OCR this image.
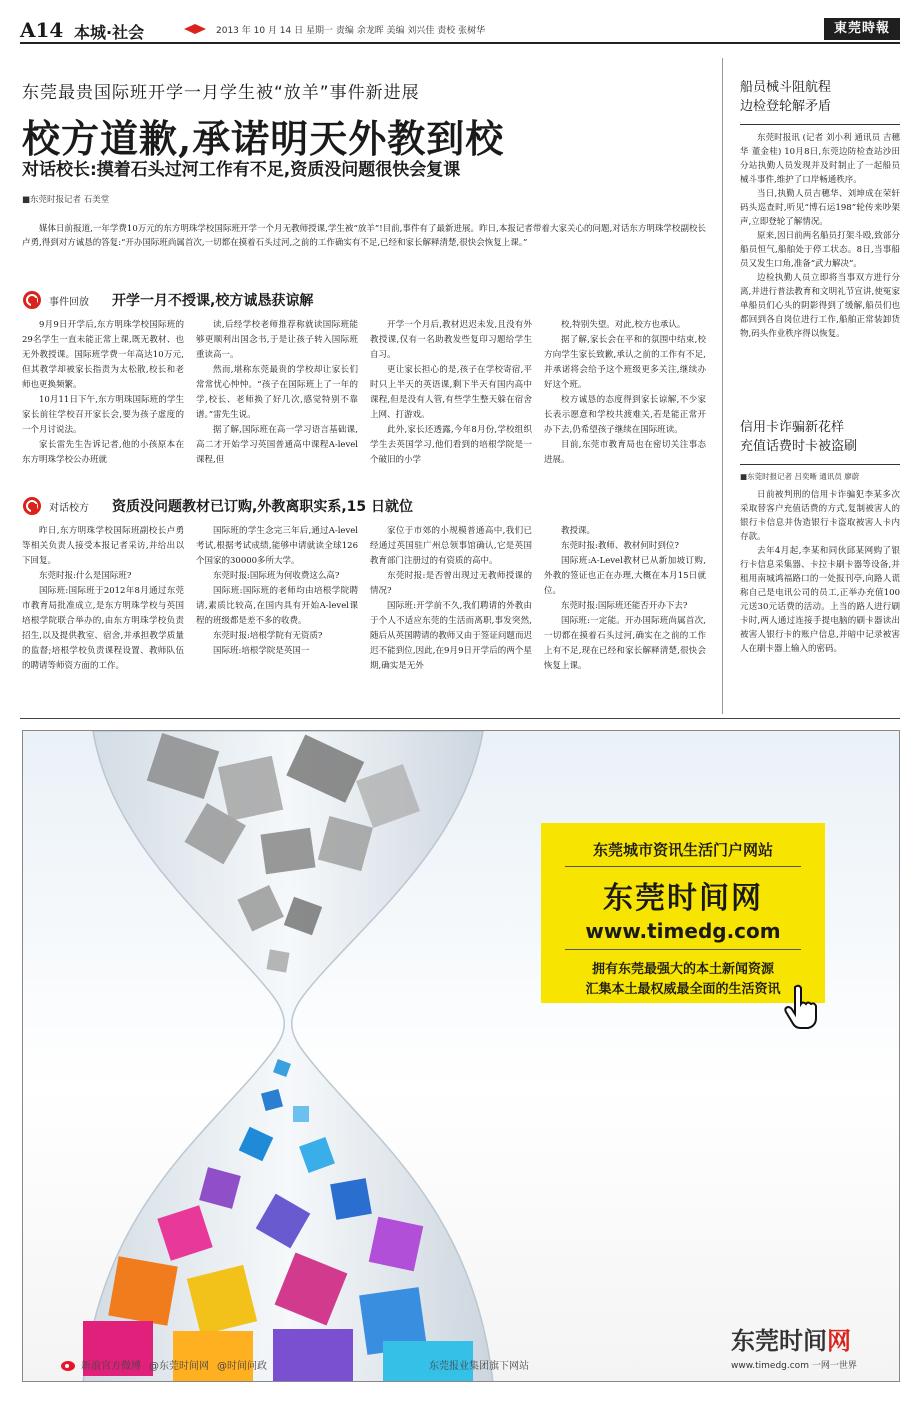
A14 本城·社会	2013 年 10 月 14 日 星期一 责编 余龙晖 美编 刘兴佳 责校 张树华	東莞時報
东莞最贵国际班开学一月学生被“放羊”事件新进展
校方道歉,承诺明天外教到校
对话校长:摸着石头过河工作有不足,资质没问题很快会复课
■东莞时报记者 石美堂

媒体日前报道,一年学费10万元的东方明珠学校国际班开学一个月无教师授课,学生被“放羊”!目前,事件有了最新进展。昨日,本报记者带着大家关心的问题,对话东方明珠学校副校长卢勇,得到对方诚恳的答复:“开办国际班尚属首次,一切都在摸着石头过河,之前的工作确实有不足,已经和家长解释清楚,很快会恢复上课。”

事件回放 开学一月不授课,校方诚恳获谅解

9月9日开学后,东方明珠学校国际班的29名学生一直未能正常上课,既无教材、也无外教授课。国际班学费一年高达10万元,但其教学却被家长指责为太松散,校长和老师也更换频繁。

10月11日下午,东方明珠国际班的学生家长前往学校召开家长会,要为孩子虚度的一个月讨说法。

家长雷先生告诉记者,他的小孩原本在东方明珠学校公办班就

读,后经学校老师推荐称就读国际班能够更顺利出国念书,于是让孩子转入国际班重读高一。

然而,堪称东莞最贵的学校却让家长们常常忧心忡忡。“孩子在国际班上了一年的学,校长、老师换了好几次,感觉特别不靠谱。”雷先生说。

据了解,国际班在高一学习语言基础课,高二才开始学习英国普通高中课程A-level课程,但

开学一个月后,教材迟迟未发,且没有外教授课,仅有一名助教发些复印习题给学生自习。

更让家长担心的是,孩子在学校寄宿,平时只上半天的英语课,剩下半天有国内高中课程,但是没有人管,有些学生整天躲在宿舍上网、打游戏。

此外,家长还透露,今年8月份,学校组织学生去英国学习,他们看到的培根学院是一个破旧的小学

校,特别失望。对此,校方也承认。

据了解,家长会在平和的氛围中结束,校方向学生家长致歉,承认之前的工作有不足,并承诺将会给予这个班级更多关注,继续办好这个班。

校方诚恳的态度得到家长谅解,不少家长表示愿意和学校共渡难关,若是能正常开办下去,仍希望孩子继续在国际班读。

目前,东莞市教育局也在密切关注事态进展。

对话校方 资质没问题教材已订购,外教离职实系,15 日就位

昨日,东方明珠学校国际班副校长卢勇等相关负责人接受本报记者采访,并给出以下回复。

东莞时报:什么是国际班?

国际班:国际班于2012年8月通过东莞市教育局批准成立,是东方明珠学校与英国培根学院联合举办的,由东方明珠学校负责招生,以及提供教室、宿舍,并承担教学质量的监督;培根学校负责课程设置、教师队伍的聘请等师资方面的工作。

国际班的学生念完三年后,通过A-level考试,根据考试成绩,能够申请就读全球126个国家的30000多所大学。

东莞时报:国际班为何收费这么高?

国际班:国际班的老师均由培根学院聘请,素质比较高,在国内具有开始A-level课程的班级都是差不多的收费。

东莞时报:培根学院有无资质?

国际班:培根学院是英国一

家位于市郊的小规模普通高中,我们已经通过英国驻广州总领事馆确认,它是英国教育部门注册过的有资质的高中。

东莞时报:是否曾出现过无教师授课的情况?

国际班:开学前不久,我们聘请的外教由于个人不适应东莞的生活而离职,事发突然,随后从英国聘请的教师又由于签证问题而迟迟不能到位,因此,在9月9日开学后的两个星期,确实是无外

教授课。

东莞时报:教师、教材何时到位?

国际班:A-Level教材已从新加坡订购,外教的签证也正在办理,大概在本月15日就位。

东莞时报:国际班还能否开办下去?

国际班:一定能。开办国际班尚属首次,一切都在摸着石头过河,确实在之前的工作上有不足,现在已经和家长解释清楚,很快会恢复上课。

船员械斗阻航程
边检登轮解矛盾

东莞时报讯 (记者 刘小利 通讯员 吉穗华 董金桂) 10月8日,东莞边防检查站沙田分站执勤人员发现并及时制止了一起船员械斗事件,维护了口岸畅通秩序。

当日,执勤人员吉穗华、刘坤成在荣轩码头巡查时,听见“博石运198”轮传来吵架声,立即登轮了解情况。

原来,因日前两名船员打架斗殴,致部分船员恒气,船舶处于停工状态。8日,当事船员又发生口角,准备“武力解决”。

边检执勤人员立即将当事双方进行分离,并进行普法教育和文明礼节宣讲,使冤家单船员们心头的阴影得到了缓解,船员们也都回到各自岗位进行工作,船舶正常装卸货物,码头作业秩序得以恢复。

信用卡诈骗新花样
充值话费时卡被盗刷
■东莞时报记者 吕奕晰 通讯员 廖蔚

日前被判刑的信用卡诈骗犯李某多次采取替客户充值话费的方式,复制被害人的银行卡信息并伪造银行卡盗取被害人卡内存款。

去年4月起,李某和同伙邱某网购了银行卡信息采集器、卡拉卡刷卡器等设备,并租用南城鸿福路口的一处报刊亭,向路人谎称自己是电讯公司的员工,正举办充值100元送30元话费的活动。上当的路人进行刷卡时,两人通过连接手提电脑的刷卡器读出被害人银行卡的账户信息,并暗中记录被害人在刷卡器上输入的密码。

东莞城市资讯生活门户网站
东莞时间网
www.timedg.com
拥有东莞最强大的本土新闻资源
汇集本土最权威最全面的生活资讯
东莞时间网
www.timedg.com 一网一世界
新浪官方微博 @东莞时间网 @时间问政	东莞报业集团旗下网站
